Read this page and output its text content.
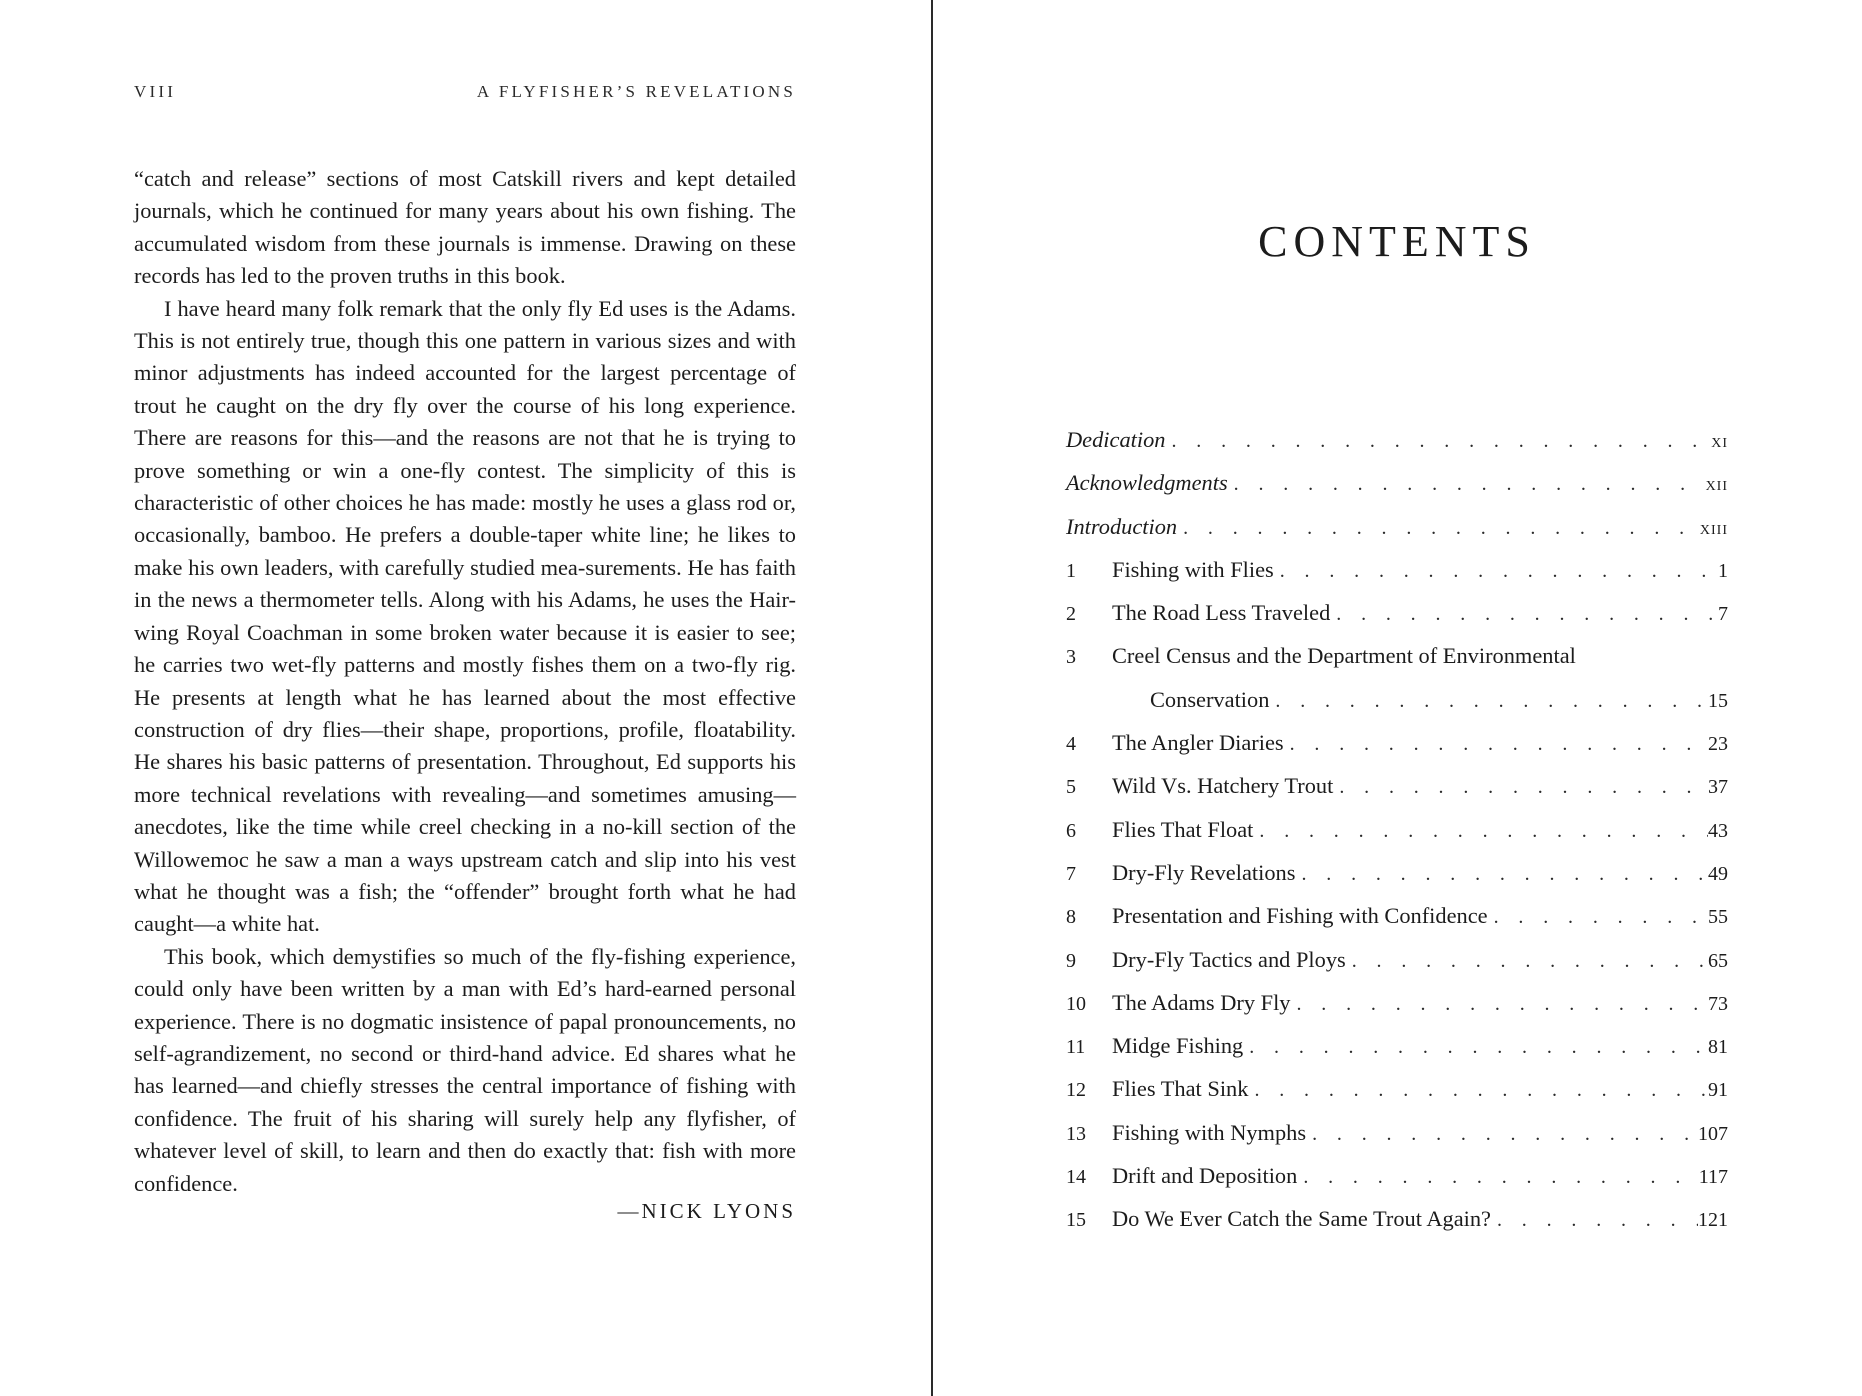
VIII	A FLYFISHER’S REVELATIONS

“catch and release” sections of most Catskill rivers and kept detailed journals, which he continued for many years about his own fishing. The accumulated wisdom from these journals is immense. Drawing on these records has led to the proven truths in this book.

I have heard many folk remark that the only fly Ed uses is the Adams. This is not entirely true, though this one pattern in various sizes and with minor adjustments has indeed accounted for the largest percentage of trout he caught on the dry fly over the course of his long experience. There are reasons for this—and the reasons are not that he is trying to prove something or win a one-fly contest. The simplicity of this is characteristic of other choices he has made: mostly he uses a glass rod or, occasionally, bamboo. He prefers a double-taper white line; he likes to make his own leaders, with carefully studied mea-surements. He has faith in the news a thermometer tells. Along with his Adams, he uses the Hair-wing Royal Coachman in some broken water because it is easier to see; he carries two wet-fly patterns and mostly fishes them on a two-fly rig. He presents at length what he has learned about the most effective construction of dry flies—their shape, proportions, profile, floatability. He shares his basic patterns of presentation. Throughout, Ed supports his more technical revelations with revealing—and sometimes amusing—anecdotes, like the time while creel checking in a no-kill section of the Willowemoc he saw a man a ways upstream catch and slip into his vest what he thought was a fish; the “offender” brought forth what he had caught—a white hat.

This book, which demystifies so much of the fly-fishing experience, could only have been written by a man with Ed’s hard-earned personal experience. There is no dogmatic insistence of papal pronouncements, no self-agrandizement, no second or third-hand advice. Ed shares what he has learned—and chiefly stresses the central importance of fishing with confidence. The fruit of his sharing will surely help any flyfisher, of whatever level of skill, to learn and then do exactly that: fish with more confidence.

—NICK LYONS
CONTENTS
Dedication . . .	XI
Acknowledgments . . .	XII
Introduction . . .	XIII
1	Fishing with Flies . . .	1
2	The Road Less Traveled . . .	7
3	Creel Census and the Department of Environmental
Conservation . . .	15
4	The Angler Diaries . . .	23
5	Wild Vs. Hatchery Trout . . .	37
6	Flies That Float . . .	43
7	Dry-Fly Revelations . . .	49
8	Presentation and Fishing with Confidence . . .	55
9	Dry-Fly Tactics and Ploys . . .	65
10	The Adams Dry Fly . . .	73
11	Midge Fishing . . .	81
12	Flies That Sink . . .	91
13	Fishing with Nymphs . . .	107
14	Drift and Deposition . . .	117
15	Do We Ever Catch the Same Trout Again? . . .	121
